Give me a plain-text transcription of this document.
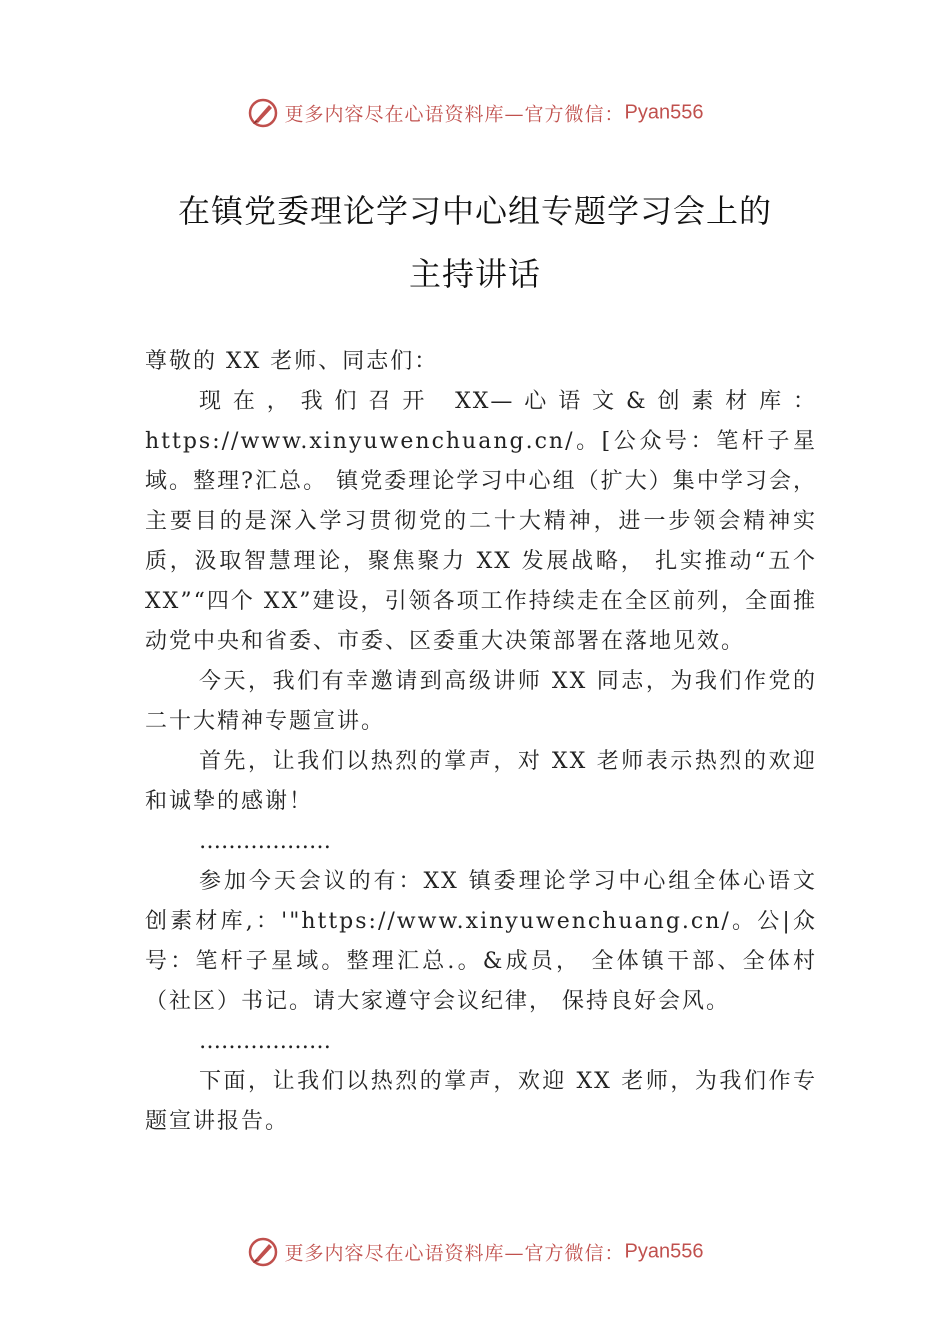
更多内容尽在心语资料库—官方微信：Pyan556
在镇党委理论学习中心组专题学习会上的
主持讲话

尊敬的 XX 老师、同志们：

现在，我们召开 XX—心语文&创素材库：https://www.xinyuwenchuang.cn/。[公众号：笔杆子星域。整理?汇总。 镇党委理论学习中心组（扩大）集中学习会，主要目的是深入学习贯彻党的二十大精神，进一步领会精神实质，汲取智慧理论，聚焦聚力 XX 发展战略， 扎实推动“五个 XX”“四个 XX”建设，引领各项工作持续走在全区前列，全面推动党中央和省委、市委、区委重大决策部署在落地见效。

今天，我们有幸邀请到高级讲师 XX 同志，为我们作党的二十大精神专题宣讲。

首先，让我们以热烈的掌声，对 XX 老师表示热烈的欢迎和诚挚的感谢！

………………

参加今天会议的有：XX 镇委理论学习中心组全体心语文创素材库,：'"https://www.xinyuwenchuang.cn/。公|众号：笔杆子星域。整理汇总.。&成员， 全体镇干部、全体村（社区）书记。请大家遵守会议纪律， 保持良好会风。

………………

下面，让我们以热烈的掌声，欢迎 XX 老师，为我们作专题宣讲报告。

更多内容尽在心语资料库—官方微信：Pyan556
